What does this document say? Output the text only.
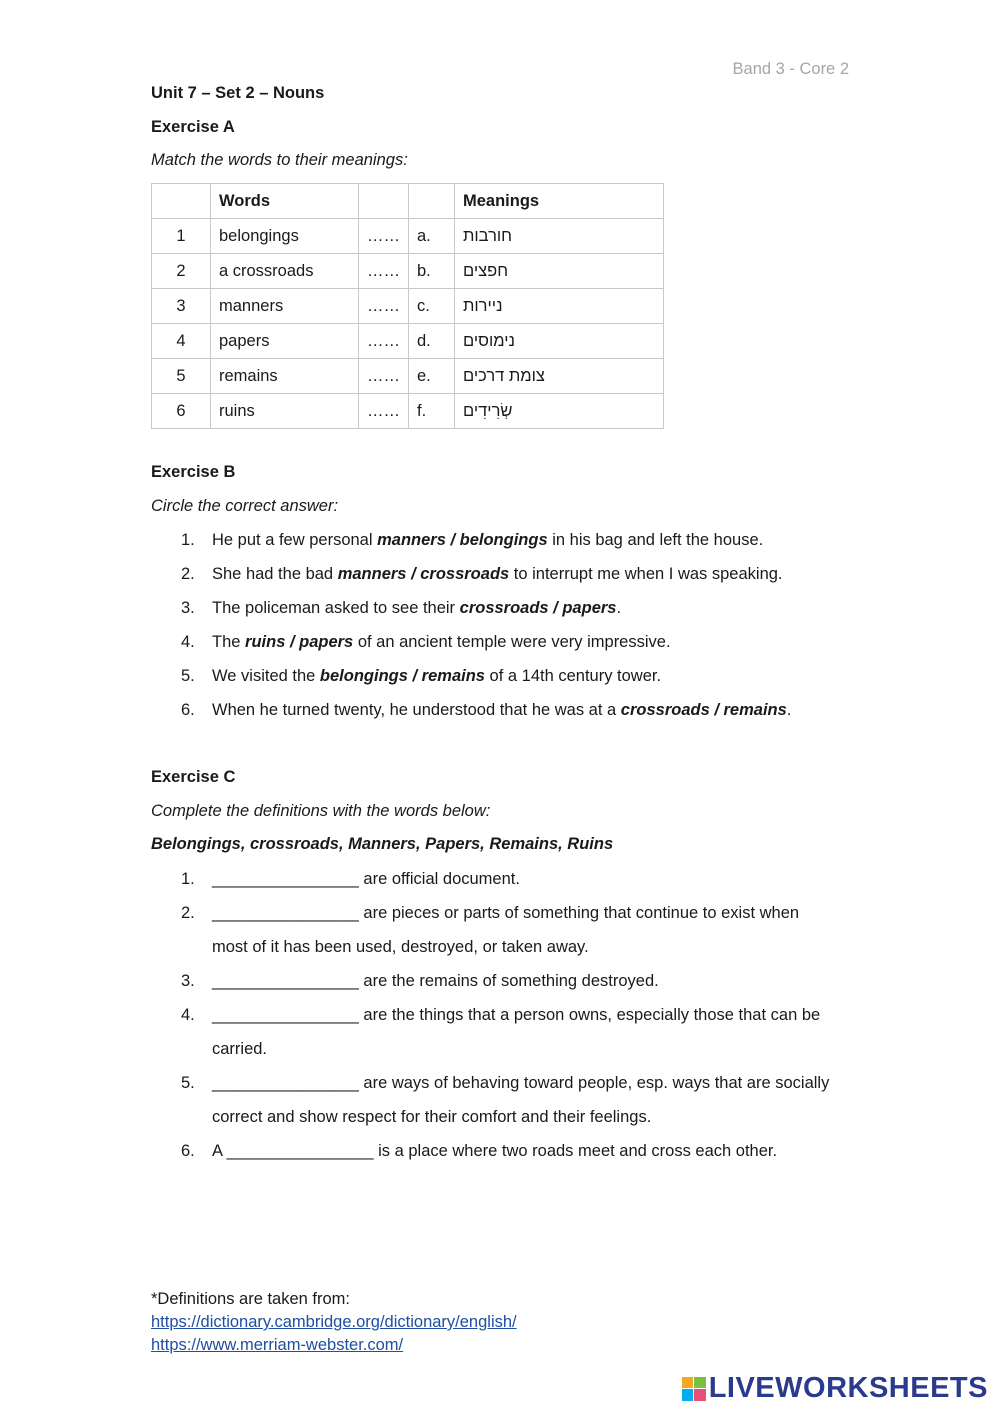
Band 3 - Core 2
Unit 7 – Set 2 – Nouns
Exercise A
Match the words to their meanings:
	Words			Meanings
1	belongings	……	a.	חורבות
2	a crossroads	……	b.	חפצים
3	manners	……	c.	ניירות
4	papers	……	d.	נימוסים
5	remains	……	e.	צומת דרכים
6	ruins	……	f.	שְׂרִידִים
Exercise B
Circle the correct answer:
1. He put a few personal manners / belongings in his bag and left the house.
2. She had the bad manners / crossroads to interrupt me when I was speaking.
3. The policeman asked to see their crossroads / papers.
4. The ruins / papers of an ancient temple were very impressive.
5. We visited the belongings / remains of a 14th century tower.
6. When he turned twenty, he understood that he was at a crossroads / remains.
Exercise C
Complete the definitions with the words below:
Belongings, crossroads, Manners, Papers, Remains, Ruins
1. ________________ are official document.
2. ________________ are pieces or parts of something that continue to exist when
most of it has been used, destroyed, or taken away.
3. ________________ are the remains of something destroyed.
4. ________________ are the things that a person owns, especially those that can be
carried.
5. ________________ are ways of behaving toward people, esp. ways that are socially
correct and show respect for their comfort and their feelings.
6. A ________________ is a place where two roads meet and cross each other.
*Definitions are taken from:
https://dictionary.cambridge.org/dictionary/english/
https://www.merriam-webster.com/
LIVEWORKSHEETS
